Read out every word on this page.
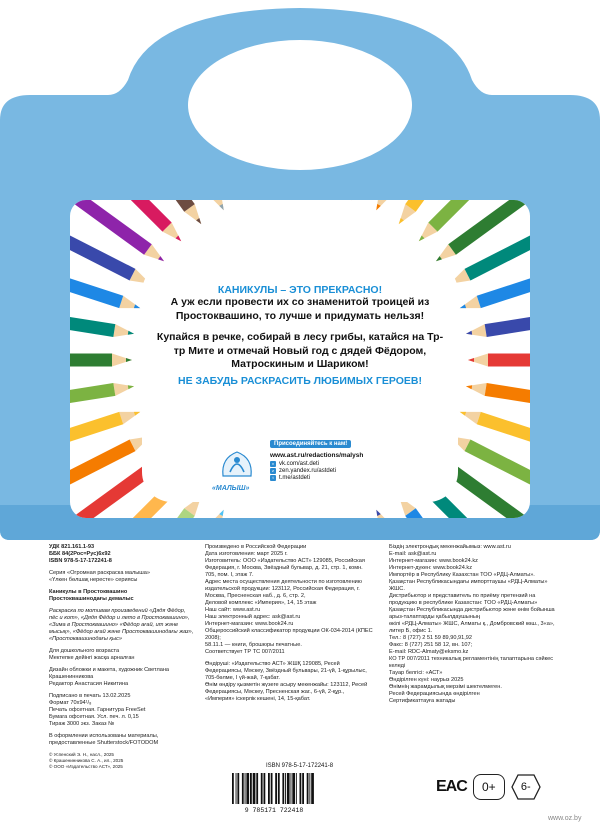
КАНИКУЛЫ – ЭТО ПРЕКРАСНО!

А уж если провести их со знаменитой троицей из Простоквашино, то лучше и придумать нельзя!

Купайся в речке, собирай в лесу грибы, катайся на Тр-тр Мите и отмечай Новый год с дядей Фёдором, Матроскиным и Шариком!

НЕ ЗАБУДЬ РАСКРАСИТЬ ЛЮБИМЫХ ГЕРОЕВ!

«МАЛЫШ»
Присоединяйтесь к нам!
www.ast.ru/redactions/malysh
v vk.com/ast.deti
z zen.yandex.ru/astdeti
t t.me/astdeti

УДК 821.161.1-93
ББК 84(2Рос=Рус)6х92
ISBN 978-5-17-172241-8

Серия «Огромная раскраска малыша»
«Үлкен бөлшақ нересте» сериясы

Каникулы в Простоквашино
Простоквашинодағы демалыс

Раскраска по мотивам произведений «Дядя Фёдор, пёс и кот», «Дядя Фёдор и лето в Простоквашино», «Зима в Простоквашино» «Фёдор ағай, ит және мысық», «Фёдор ағай және Простоквашинодағы жаз», «Простоквашинодағы қыс»

Для дошкольного возраста
Мектепке дейінгі жасқа арналған

Дизайн обложки и макета, художник Светлана Крашенинникова
Редактор Анастасия Никитина

Подписано в печать 13.02.2025
Формат 70х94¹/₈
Печать офсетная. Гарнитура FreeSet
Бумага офсетная. Усл. печ. л. 0,15
Тираж 3000 экз. Заказ №

В оформлении использованы материалы, предоставленные Shutterstock/FOTODOM

© Успенский Э. Н., насл., 2025
© Крашенинникова С. А., ил., 2025
© ООО «Издательство АСТ», 2025

Произведено в Российской Федерации
Дата изготовления: март 2025 г.
Изготовитель: ООО «Издательство АСТ» 129085, Российская Федерация, г. Москва, Звёздный бульвар, д. 21, стр. 1, комн. 705, пом. I, этаж 7.
Адрес места осуществления деятельности по изготовлению издательской продукции: 123112, Российская Федерация, г. Москва, Пресненская наб., д. 6, стр. 2,
Деловой комплекс «Империя», 14, 15 этаж
Наш сайт: www.ast.ru
Наш электронный адрес: ask@ast.ru
Интернет-магазин: www.book24.ru
Общероссийский классификатор продукции ОК-034-2014 (КПЕС 2008);
58.11.1 — книги, брошюры печатные.
Соответствует ТР ТС 007/2011

Өндіруші: «Издательство АСТ» ЖШҚ 129085, Ресей Федерациясы, Мәскеу, Звёздный бульвары, 21-үй, 1-құрылыс, 705-бөлме, I үй-жай, 7-қабат.
Өнім өндіру қызметін жүзеге асыру мекенжайы: 123112, Ресей Федерациясы, Мәскеу, Пресненская жаг., 6-үй, 2-құр., «Империя» іскерлік кешені, 14, 15-қабат.

Біздің электрондық мекенжайымыз: www.ast.ru
E-mail: ask@ast.ru
Интернет-магазин: www.book24.kz
Интернет-дүкен: www.book24.kz
Импортёр в Республику Казахстан ТОО «РДЦ-Алматы».
Қазақстан Республикасындағы импорттаушы «РДЦ-Алматы» ЖШС.
Дистрибьютор и представитель по приёму претензий на продукцию в республике Казахстан: ТОО «РДЦ-Алматы»
Қазақстан Республикасында дистрибьютор және өнім бойынша арыз-талаптарды қабылдаушының
өкілі «РДЦ-Алматы» ЖШС, Алматы қ., Домбровский көш., 3«а», литер Б, офис 1.
Тел.: 8 (727) 2 51 59 89,90,91,92
Факс: 8 (727) 251 58 12, вн. 107;
E-mail: RDC-Almaty@eksmo.kz
КО ТР 007/2011 техникалық регламентінің талаптарына сәйкес келеді
Тауар белгісі: «АСТ»
Өндірілген күні: наурыз 2025
Өнімнің жарамдылық мерзімі шектелмеген.
Ресей Федерациясында өндірілген
Сертификаттауға жатады

ISBN 978-5-17-172241-8
9 785171 722418
EAC	0+	6-
www.oz.by
